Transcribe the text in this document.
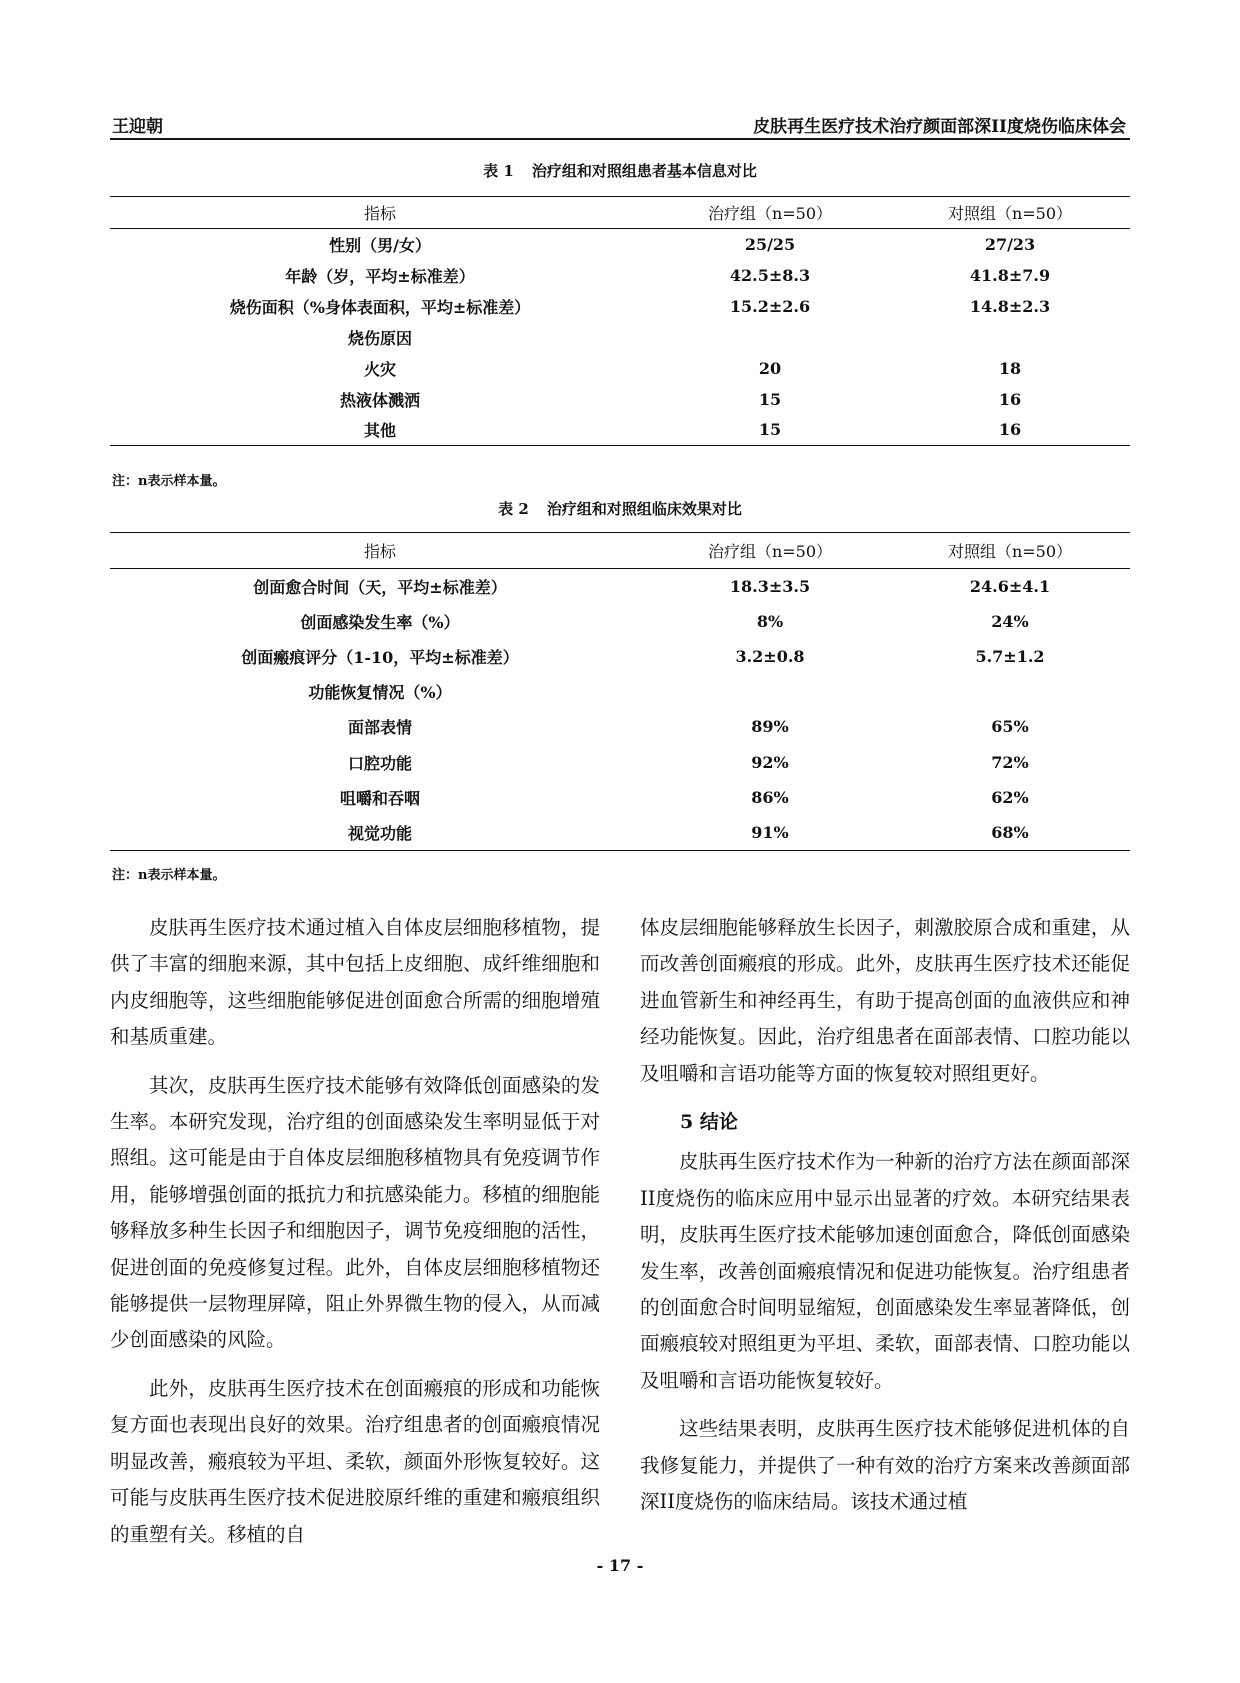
王迎朝	皮肤再生医疗技术治疗颜面部深II度烧伤临床体会
表 1 治疗组和对照组患者基本信息对比
指标	治疗组（n=50）	对照组（n=50）
性别（男/女）	25/25	27/23
年龄（岁，平均±标准差）	42.5±8.3	41.8±7.9
烧伤面积（%身体表面积，平均±标准差）	15.2±2.6	14.8±2.3
烧伤原因		
火灾	20	18
热液体溅洒	15	16
其他	15	16
注：n表示样本量。
表 2 治疗组和对照组临床效果对比
指标	治疗组（n=50）	对照组（n=50）
创面愈合时间（天，平均±标准差）	18.3±3.5	24.6±4.1
创面感染发生率（%）	8%	24%
创面瘢痕评分（1-10，平均±标准差）	3.2±0.8	5.7±1.2
功能恢复情况（%）		
面部表情	89%	65%
口腔功能	92%	72%
咀嚼和吞咽	86%	62%
视觉功能	91%	68%
注：n表示样本量。

皮肤再生医疗技术通过植入自体皮层细胞移植物，提供了丰富的细胞来源，其中包括上皮细胞、成纤维细胞和内皮细胞等，这些细胞能够促进创面愈合所需的细胞增殖和基质重建。

其次，皮肤再生医疗技术能够有效降低创面感染的发生率。本研究发现，治疗组的创面感染发生率明显低于对照组。这可能是由于自体皮层细胞移植物具有免疫调节作用，能够增强创面的抵抗力和抗感染能力。移植的细胞能够释放多种生长因子和细胞因子，调节免疫细胞的活性，促进创面的免疫修复过程。此外，自体皮层细胞移植物还能够提供一层物理屏障，阻止外界微生物的侵入，从而减少创面感染的风险。

此外，皮肤再生医疗技术在创面瘢痕的形成和功能恢复方面也表现出良好的效果。治疗组患者的创面瘢痕情况明显改善，瘢痕较为平坦、柔软，颜面外形恢复较好。这可能与皮肤再生医疗技术促进胶原纤维的重建和瘢痕组织的重塑有关。移植的自

体皮层细胞能够释放生长因子，刺激胶原合成和重建，从而改善创面瘢痕的形成。此外，皮肤再生医疗技术还能促进血管新生和神经再生，有助于提高创面的血液供应和神经功能恢复。因此，治疗组患者在面部表情、口腔功能以及咀嚼和言语功能等方面的恢复较对照组更好。

5 结论

皮肤再生医疗技术作为一种新的治疗方法在颜面部深II度烧伤的临床应用中显示出显著的疗效。本研究结果表明，皮肤再生医疗技术能够加速创面愈合，降低创面感染发生率，改善创面瘢痕情况和促进功能恢复。治疗组患者的创面愈合时间明显缩短，创面感染发生率显著降低，创面瘢痕较对照组更为平坦、柔软，面部表情、口腔功能以及咀嚼和言语功能恢复较好。

这些结果表明，皮肤再生医疗技术能够促进机体的自我修复能力，并提供了一种有效的治疗方案来改善颜面部深II度烧伤的临床结局。该技术通过植

- 17 -
